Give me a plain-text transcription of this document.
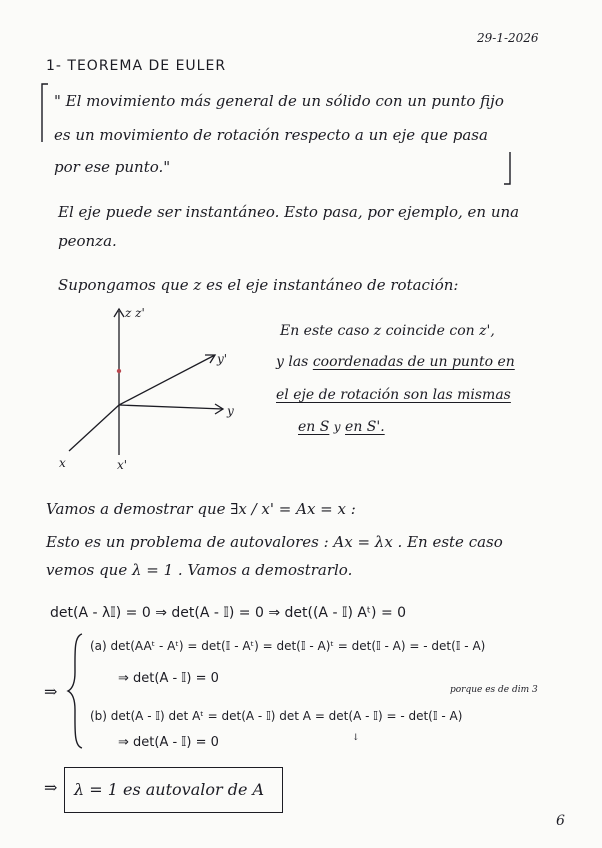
29-1-2026
1- TEOREMA DE EULER
" El movimiento más general de un sólido con un punto fijo
es un movimiento de rotación respecto a un eje que pasa
por ese punto."
El eje puede ser instantáneo. Esto pasa, por ejemplo, en una
peonza.
Supongamos que z es el eje instantáneo de rotación:
z z'
y'
y
x	x'
En este caso z coincide con z',
y las coordenadas de un punto en
el eje de rotación son las mismas
en S y en S'.
Vamos a demostrar que ∃x / x' = Ax = x :
Esto es un problema de autovalores : Ax = λx . En este caso
vemos que λ = 1 . Vamos a demostrarlo.
det(A - λ𝕀) = 0 ⇒ det(A - 𝕀) = 0 ⇒ det((A - 𝕀) Aᵗ) = 0
⇒
(a) det(AAᵗ - Aᵗ) = det(𝕀 - Aᵗ) = det(𝕀 - A)ᵗ = det(𝕀 - A) = - det(𝕀 - A)
⇒ det(A - 𝕀) = 0
porque es de dim 3
(b) det(A - 𝕀) det Aᵗ = det(A - 𝕀) det A = det(A - 𝕀) = - det(𝕀 - A)
⇒ det(A - 𝕀) = 0	↓
⇒ λ = 1 es autovalor de A
6
